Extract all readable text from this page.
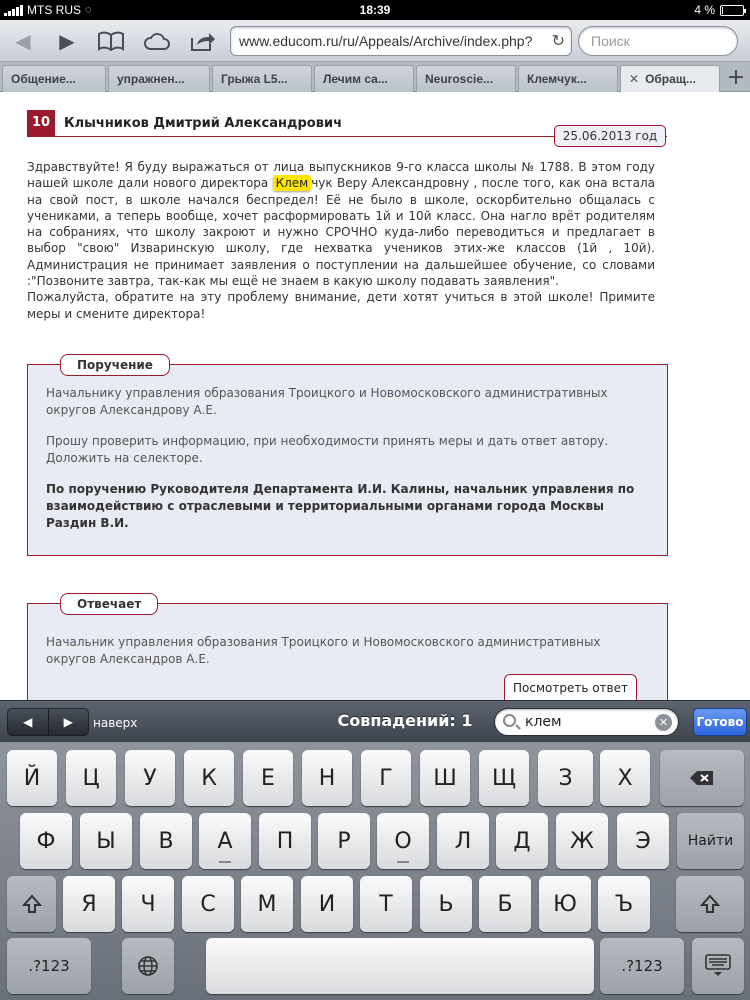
MTS RUS ◌	18:39	4 %
◀	▶	www.educom.ru/ru/Appeals/Archive/index.php?	↻ Поиск
Общение...	упражнен...	Грыжа L5...	Лечим са...	Neuroscie...	Клемчук...	✕ Обращ...	+
10	Клычников Дмитрий Александрович
25.06.2013 год
Здравствуйте! Я буду выражаться от лица выпускников 9-го класса школы № 1788. В этом году нашей школе дали нового директора Клем чук Веру Александровну , после того, как она встала на свой пост, в школе начался беспредел! Её не было в школе, оскорбительно общалась с учениками, а теперь вообще, хочет расформировать 1й и 10й класс. Она нагло врёт родителям на собраниях, что школу закроют и нужно СРОЧНО куда-либо переводиться и предлагает в выбор "свою" Изваринскую школу, где нехватка учеников этих-же классов (1й , 10й). Администрация не принимает заявления о поступлении на дальшейшее обучение, со словами :"Позвоните завтра, так-как мы ещё не знаем в какую школу подавать заявления".
Пожалуйста, обратите на эту проблему внимание, дети хотят учиться в этой школе! Примите меры и смените директора!
Поручение

Начальнику управления образования Троицкого и Новомосковского административных округов Александрову А.Е.

Прошу проверить информацию, при необходимости принять меры и дать ответ автору. Доложить на селекторе.

По поручению Руководителя Департамента И.И. Калины, начальник управления по взаимодействию с отраслевыми и территориальными органами города Москвы Раздин В.И.

Отвечает

Начальник управления образования Троицкого и Новомосковского административных округов Александров А.Е.

Посмотреть ответ
◀	▶	наверх	Совпадений: 1	клем	✕	Готово
Й	Ц	У	К	Е	Н	Г	Ш	Щ	З	Х
Ф	Ы	В	А	П	Р	О	Л	Д	Ж	Э	Найти
Я	Ч	С	М	И	Т	Ь	Б	Ю	Ъ
.?123	.?123
